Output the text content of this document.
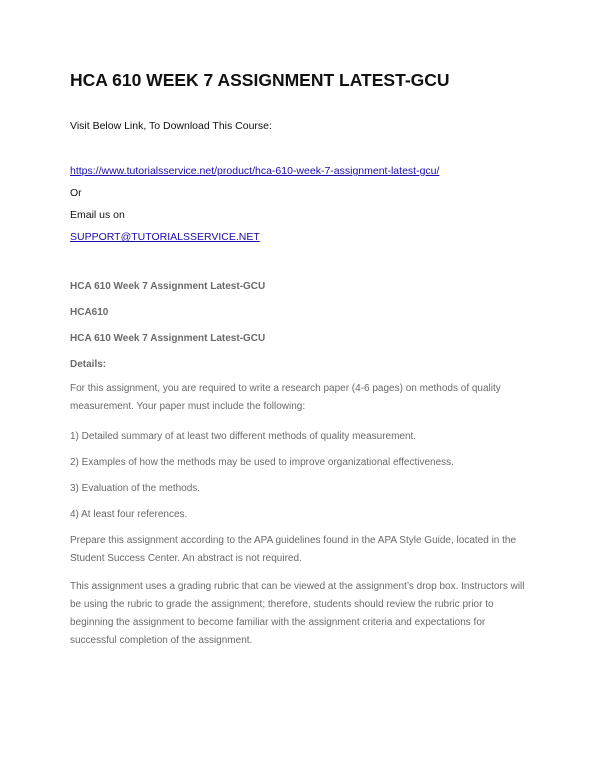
HCA 610 WEEK 7 ASSIGNMENT LATEST-GCU
Visit Below Link, To Download This Course:
https://www.tutorialsservice.net/product/hca-610-week-7-assignment-latest-gcu/
Or
Email us on
SUPPORT@TUTORIALSSERVICE.NET
HCA 610 Week 7 Assignment Latest-GCU
HCA610
HCA 610 Week 7 Assignment Latest-GCU
Details:

For this assignment, you are required to write a research paper (4-6 pages) on methods of quality measurement. Your paper must include the following:

1) Detailed summary of at least two different methods of quality measurement.

2) Examples of how the methods may be used to improve organizational effectiveness.

3) Evaluation of the methods.

4) At least four references.

Prepare this assignment according to the APA guidelines found in the APA Style Guide, located in the Student Success Center. An abstract is not required.

This assignment uses a grading rubric that can be viewed at the assignment’s drop box. Instructors will be using the rubric to grade the assignment; therefore, students should review the rubric prior to beginning the assignment to become familiar with the assignment criteria and expectations for successful completion of the assignment.
